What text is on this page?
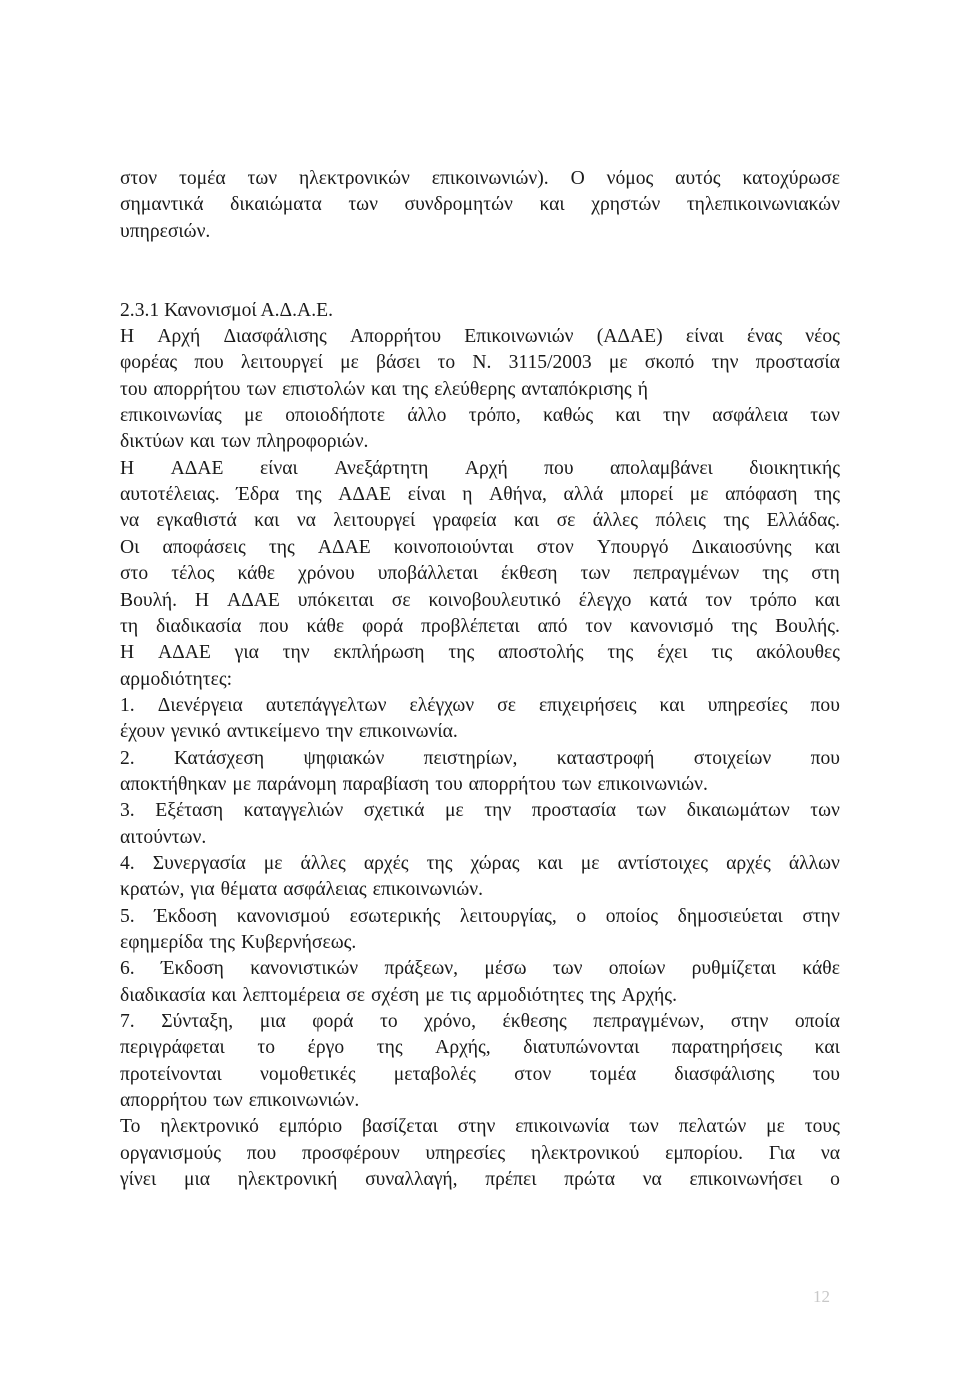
στον τομέα των ηλεκτρονικών επικοινωνιών). Ο νόμος αυτός κατοχύρωσε
σημαντικά δικαιώματα των συνδρομητών και χρηστών τηλεπικοινωνιακών
υπηρεσιών.
2.3.1 Κανονισμοί Α.Δ.Α.Ε.
Η Αρχή Διασφάλισης Απορρήτου Επικοινωνιών (ΑΔΑΕ) είναι ένας νέος
φορέας που λειτουργεί με βάσει το Ν. 3115/2003 με σκοπό την προστασία
του απορρήτου των επιστολών και της ελεύθερης ανταπόκρισης ή
επικοινωνίας με οποιοδήποτε άλλο τρόπο, καθώς και την ασφάλεια των
δικτύων και των πληροφοριών.
Η ΑΔΑΕ είναι Ανεξάρτητη Αρχή που απολαμβάνει διοικητικής
αυτοτέλειας. Έδρα της ΑΔΑΕ είναι η Αθήνα, αλλά μπορεί με απόφαση της
να εγκαθιστά και να λειτουργεί γραφεία και σε άλλες πόλεις της Ελλάδας.
Οι αποφάσεις της ΑΔΑΕ κοινοποιούνται στον Υπουργό Δικαιοσύνης και
στο τέλος κάθε χρόνου υποβάλλεται έκθεση των πεπραγμένων της στη
Βουλή. Η ΑΔΑΕ υπόκειται σε κοινοβουλευτικό έλεγχο κατά τον τρόπο και
τη διαδικασία που κάθε φορά προβλέπεται από τον κανονισμό της Βουλής.
Η ΑΔΑΕ για την εκπλήρωση της αποστολής της έχει τις ακόλουθες
αρμοδιότητες:
1. Διενέργεια αυτεπάγγελτων ελέγχων σε επιχειρήσεις και υπηρεσίες που
έχουν γενικό αντικείμενο την επικοινωνία.
2. Κατάσχεση ψηφιακών πειστηρίων, καταστροφή στοιχείων που
αποκτήθηκαν με παράνομη παραβίαση του απορρήτου των επικοινωνιών.
3. Εξέταση καταγγελιών σχετικά με την προστασία των δικαιωμάτων των
αιτούντων.
4. Συνεργασία με άλλες αρχές της χώρας και με αντίστοιχες αρχές άλλων
κρατών, για θέματα ασφάλειας επικοινωνιών.
5. Έκδοση κανονισμού εσωτερικής λειτουργίας, ο οποίος δημοσιεύεται στην
εφημερίδα της Κυβερνήσεως.
6. Έκδοση κανονιστικών πράξεων, μέσω των οποίων ρυθμίζεται κάθε
διαδικασία και λεπτομέρεια σε σχέση με τις αρμοδιότητες της Αρχής.
7. Σύνταξη, μια φορά το χρόνο, έκθεσης πεπραγμένων, στην οποία
περιγράφεται το έργο της Αρχής, διατυπώνονται παρατηρήσεις και
προτείνονται νομοθετικές μεταβολές στον τομέα διασφάλισης του
απορρήτου των επικοινωνιών.
Το ηλεκτρονικό εμπόριο βασίζεται στην επικοινωνία των πελατών με τους
οργανισμούς που προσφέρουν υπηρεσίες ηλεκτρονικού εμπορίου. Για να
γίνει μια ηλεκτρονική συναλλαγή, πρέπει πρώτα να επικοινωνήσει ο
12
